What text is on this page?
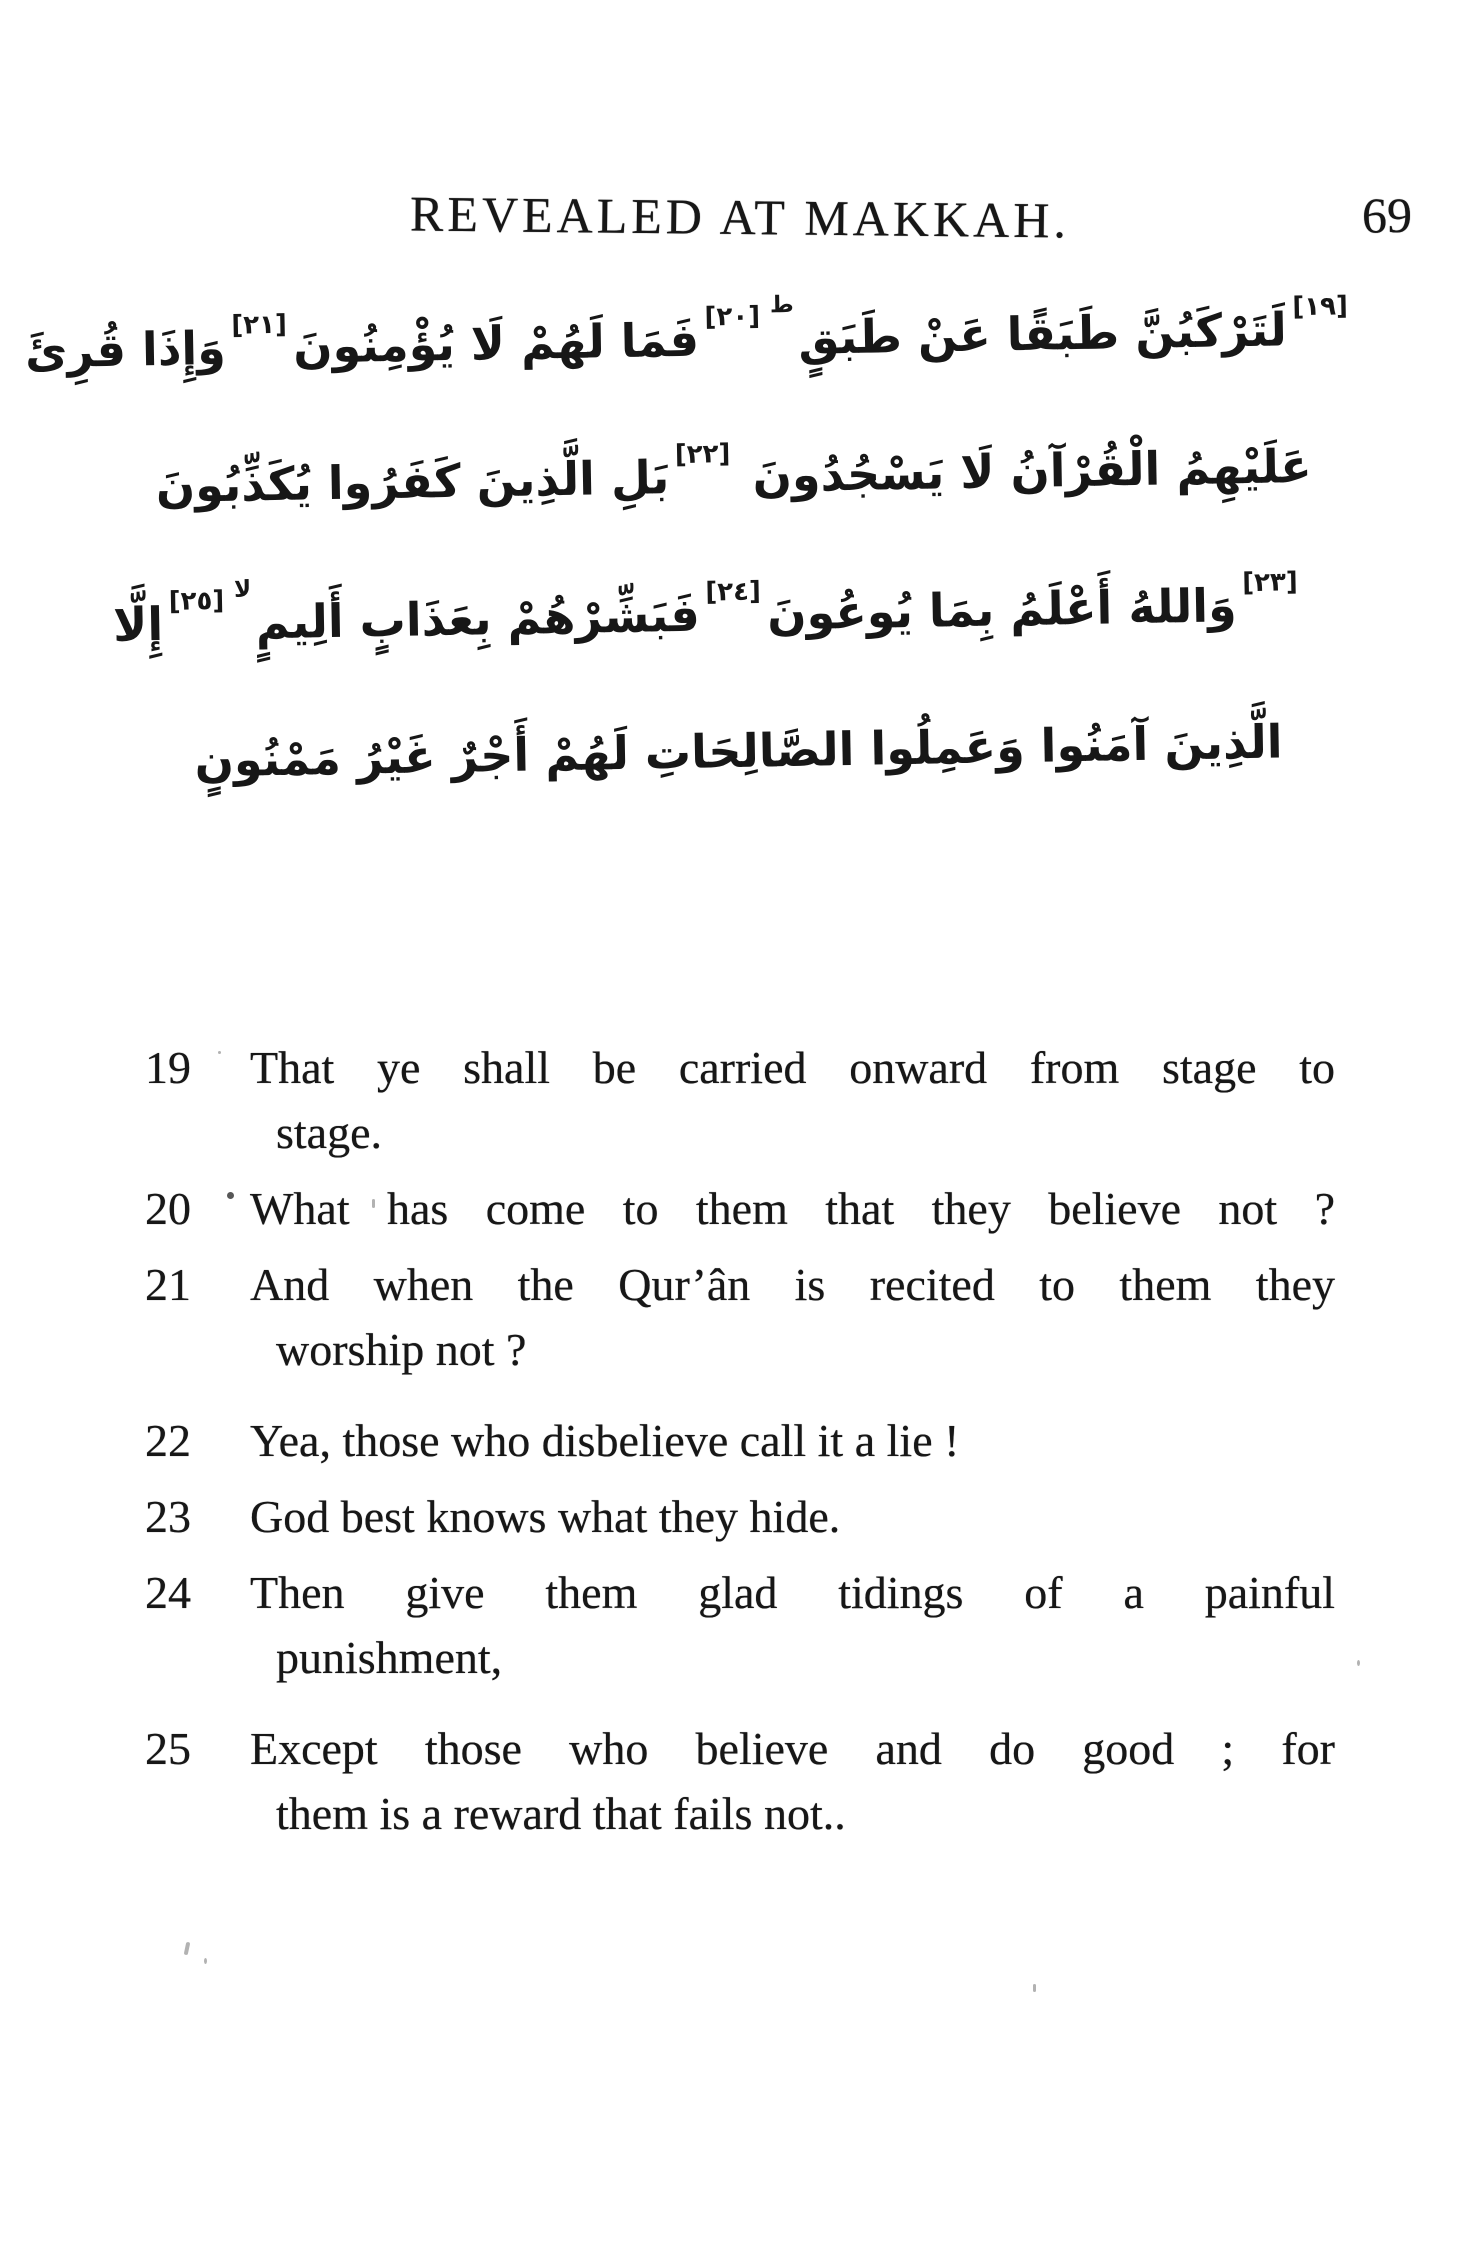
REVEALED AT MAKKAH.	69
[١٩]لَتَرْكَبُنَّ طَبَقًا عَنْ طَبَقٍ
$^{ط[٢٠]}$فَمَا لَهُمْ لَا يُؤْمِنُونَ
[٢١]وَإِذَا قُرِئَ
عَلَيْهِمُ الْقُرْآنُ لَا يَسْجُدُونَ
[٢٢]بَلِ الَّذِينَ كَفَرُوا يُكَذِّبُونَ
[٢٣]وَاللهُ أَعْلَمُ بِمَا يُوعُونَ
[٢٤]فَبَشِّرْهُمْ بِعَذَابٍ أَلِيمٍ
$^{لا[٢٥]}$إِلَّا
الَّذِينَ آمَنُوا وَعَمِلُوا الصَّالِحَاتِ لَهُمْ أَجْرٌ غَيْرُ مَمْنُونٍ
19	That ye shall be carried onward from stage to
stage.
20	What has come to them that they believe not ?
21	And when the Qur’ân is recited to them they
worship not ?
22	Yea, those who disbelieve call it a lie !
23	God best knows what they hide.
24	Then give them glad tidings of a painful
punishment,
25	Except those who believe and do good ; for
them is a reward that fails not..
